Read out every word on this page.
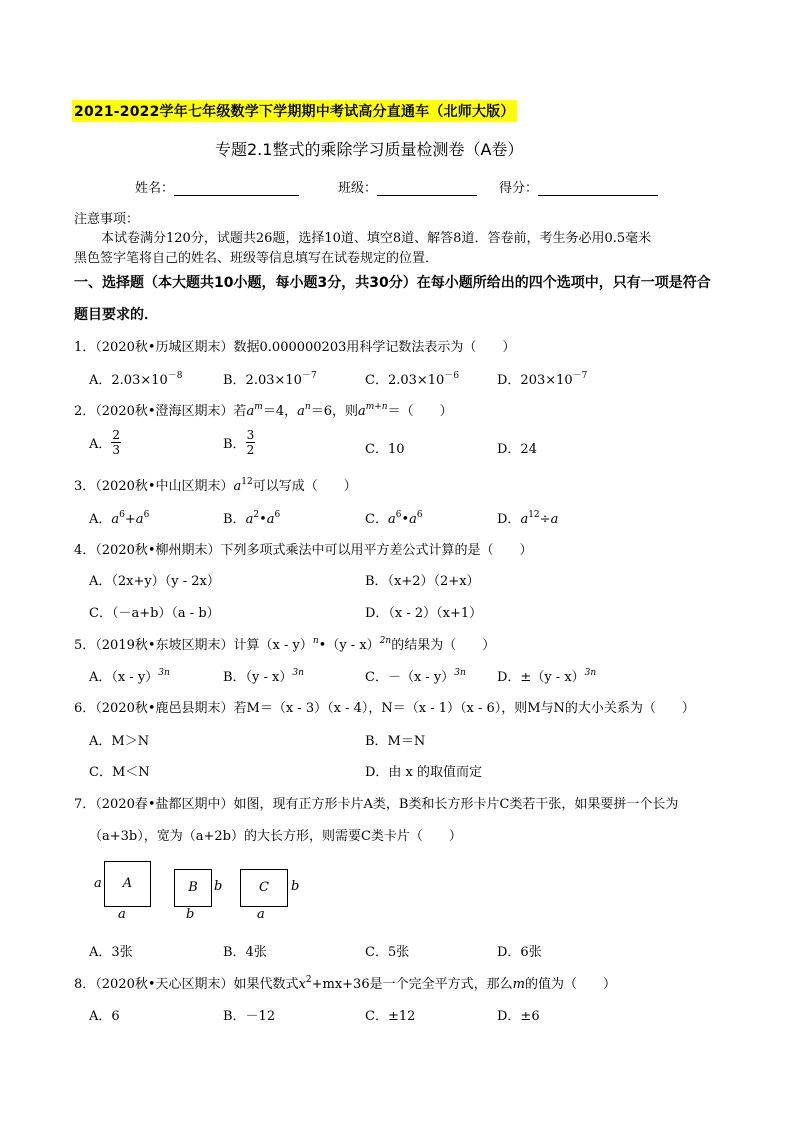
2021-2022学年七年级数学下学期期中考试高分直通车（北师大版）
专题2.1整式的乘除学习质量检测卷（A卷）
姓名：	班级：	得分：
注意事项：
本试卷满分120分，试题共26题，选择10道、填空8道、解答8道．答卷前，考生务必用0.5毫米
黑色签字笔将自己的姓名、班级等信息填写在试卷规定的位置．
一、选择题（本大题共10小题，每小题3分，共30分）在每小题所给出的四个选项中，只有一项是符合
题目要求的．
1．（2020秋•历城区期末）数据0.000000203用科学记数法表示为（　　）
A．$2.03\times 10^{-8}$	B．$2.03\times 10^{-7}$	C．$2.03\times 10^{-6}$	D．$203\times 10^{-7}$
2．（2020秋•澄海区期末）若$a^m=4$，$a^n=6$，则$a^{m+n}=$（　　）
A． $\frac{2}{3}$	B． $\frac{3}{2}$	C．10	D．24
3．（2020秋•中山区期末）$a^{12}$可以写成（　　）
A．$a^6+a^6$	B．$a^2•a^6$	C．$a^6•a^6$	D．$a^{12}\div a$
4．（2020秋•柳州期末）下列多项式乘法中可以用平方差公式计算的是（　　）
A．（2x+y）（y - 2x）	B．（x+2）（2+x）
C．（－a+b）（a - b）	D．（x - 2）（x+1）
5．（2019秋•东坡区期末）计算（x - y）$^n$•（y - x）$^{2n}$的结果为（　　）
A．（x - y）$^{3n}$	B．（y - x）$^{3n}$	C．－（x - y）$^{3n}$ D．±（y - x）$^{3n}$
6．（2020秋•鹿邑县期末）若M＝（x - 3）（x - 4），N＝（x - 1）（x - 6），则M与N的大小关系为（　　）
A．M＞N	B．M＝N
C．M＜N	D．由 x 的取值而定
7．（2020春•盐都区期中）如图，现有正方形卡片A类，B类和长方形卡片C类若干张，如果要拼一个长为
（a+3b），宽为（a+2b）的大长方形，则需要C类卡片（　　）
a	A
a
B	b
b
C	b
a
A．3张	B．4张	C．5张	D．6张
8．（2020秋•天心区期末）如果代数式$x^2+mx+36$是一个完全平方式，那么m的值为（　　）
A．6	B．－12	C．±12	D．±6
